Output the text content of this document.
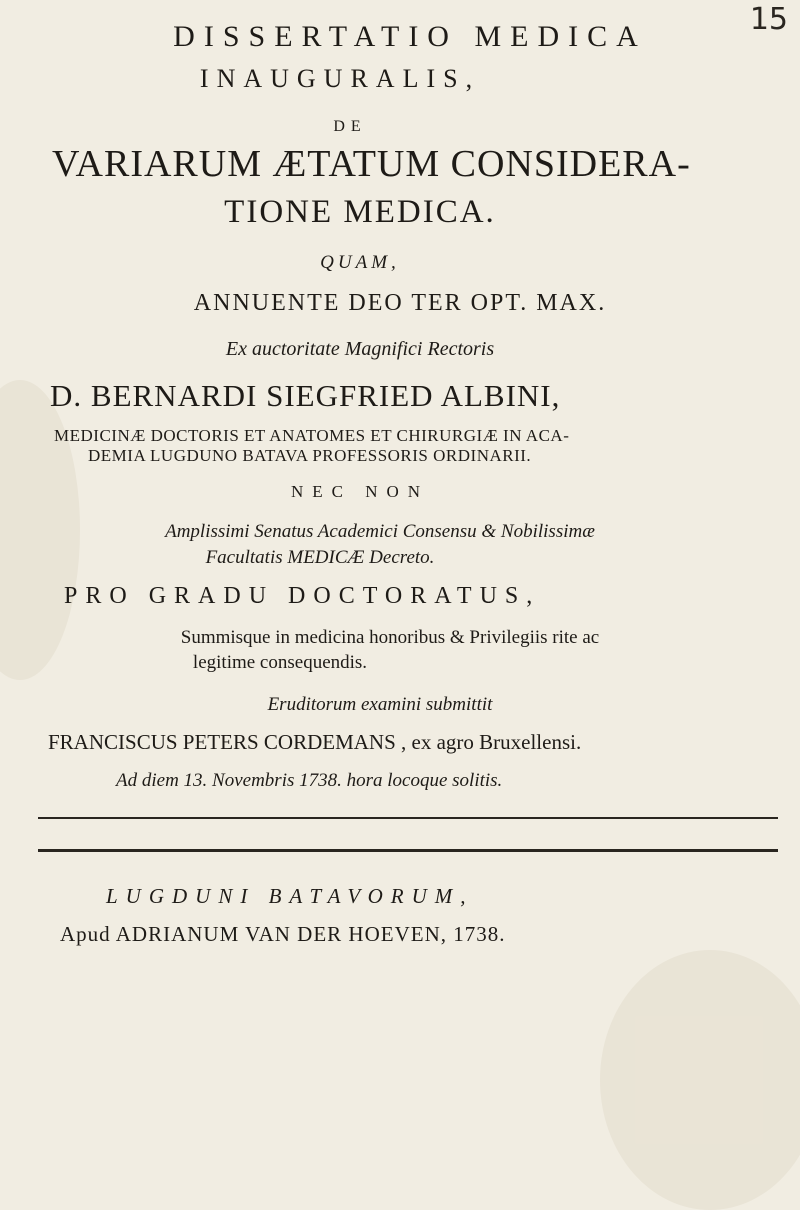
15
DISSERTATIO MEDICA
INAUGURALIS,
DE
VARIARUM ÆTATUM CONSIDERA-
TIONE MEDICA.
QUAM,
ANNUENTE DEO TER OPT. MAX.
Ex auctoritate Magnifici Rectoris
D. BERNARDI SIEGFRIED ALBINI,
MEDICINÆ DOCTORIS ET ANATOMES ET CHIRURGIÆ IN ACA-
DEMIA LUGDUNO BATAVA PROFESSORIS ORDINARII.
NEC NON
Amplissimi Senatus Academici Consensu & Nobilissimæ
Facultatis MEDICÆ Decreto.
PRO GRADU DOCTORATUS,
Summisque in medicina honoribus & Privilegiis rite ac
legitime consequendis.
Eruditorum examini submittit
FRANCISCUS PETERS CORDEMANS , ex agro Bruxellensi.
Ad diem 13. Novembris 1738. hora locoque solitis.
LUGDUNI BATAVORUM,
Apud ADRIANUM VAN DER HOEVEN, 1738.
